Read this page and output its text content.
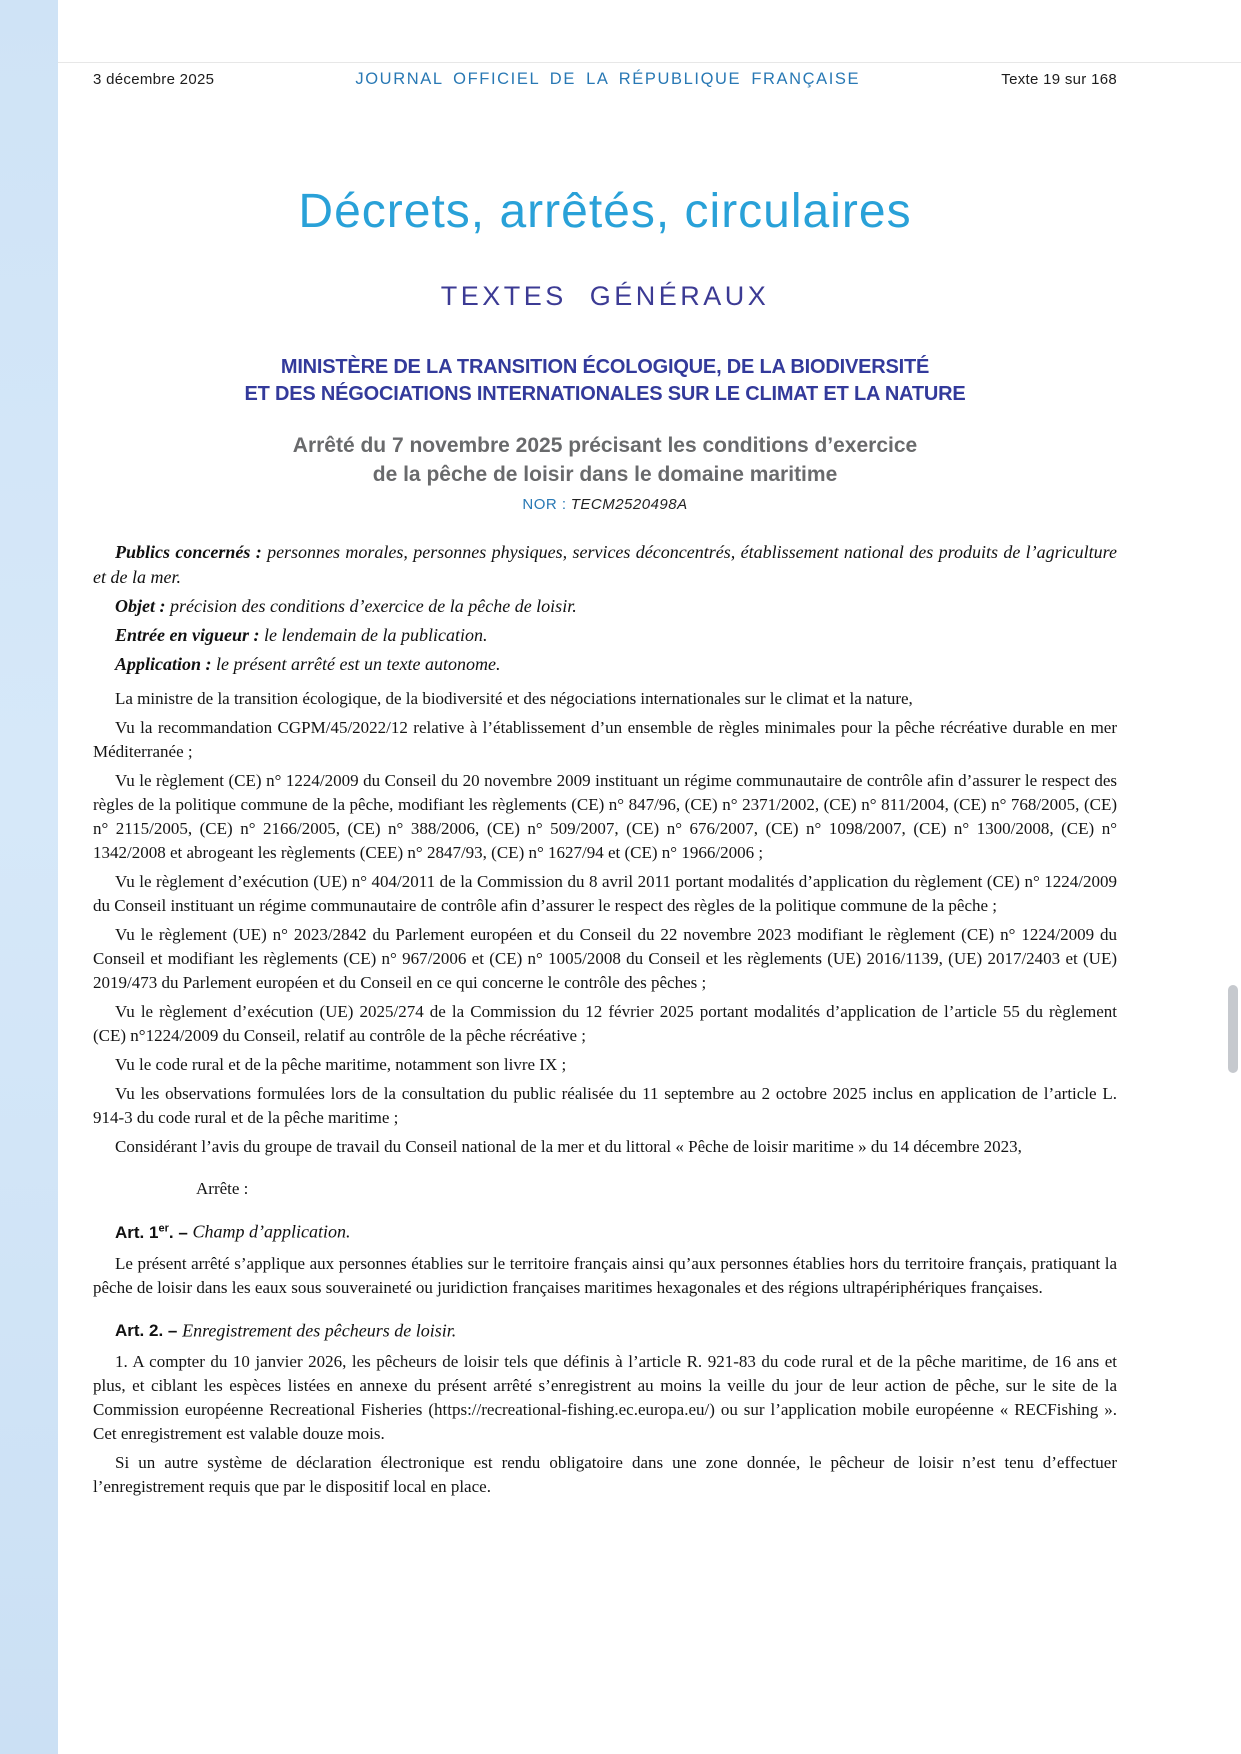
3 décembre 2025	JOURNAL OFFICIEL DE LA RÉPUBLIQUE FRANÇAISE	Texte 19 sur 168
Décrets, arrêtés, circulaires
TEXTES GÉNÉRAUX
MINISTÈRE DE LA TRANSITION ÉCOLOGIQUE, DE LA BIODIVERSITÉ
ET DES NÉGOCIATIONS INTERNATIONALES SUR LE CLIMAT ET LA NATURE
Arrêté du 7 novembre 2025 précisant les conditions d’exercice
de la pêche de loisir dans le domaine maritime
NOR : TECM2520498A

Publics concernés : personnes morales, personnes physiques, services déconcentrés, établissement national des produits de l’agriculture et de la mer.

Objet : précision des conditions d’exercice de la pêche de loisir.

Entrée en vigueur : le lendemain de la publication.

Application : le présent arrêté est un texte autonome.

La ministre de la transition écologique, de la biodiversité et des négociations internationales sur le climat et la nature,

Vu la recommandation CGPM/45/2022/12 relative à l’établissement d’un ensemble de règles minimales pour la pêche récréative durable en mer Méditerranée ;

Vu le règlement (CE) n° 1224/2009 du Conseil du 20 novembre 2009 instituant un régime communautaire de contrôle afin d’assurer le respect des règles de la politique commune de la pêche, modifiant les règlements (CE) n° 847/96, (CE) n° 2371/2002, (CE) n° 811/2004, (CE) n° 768/2005, (CE) n° 2115/2005, (CE) n° 2166/2005, (CE) n° 388/2006, (CE) n° 509/2007, (CE) n° 676/2007, (CE) n° 1098/2007, (CE) n° 1300/2008, (CE) n° 1342/2008 et abrogeant les règlements (CEE) n° 2847/93, (CE) n° 1627/94 et (CE) n° 1966/2006 ;

Vu le règlement d’exécution (UE) n° 404/2011 de la Commission du 8 avril 2011 portant modalités d’application du règlement (CE) n° 1224/2009 du Conseil instituant un régime communautaire de contrôle afin d’assurer le respect des règles de la politique commune de la pêche ;

Vu le règlement (UE) n° 2023/2842 du Parlement européen et du Conseil du 22 novembre 2023 modifiant le règlement (CE) n° 1224/2009 du Conseil et modifiant les règlements (CE) n° 967/2006 et (CE) n° 1005/2008 du Conseil et les règlements (UE) 2016/1139, (UE) 2017/2403 et (UE) 2019/473 du Parlement européen et du Conseil en ce qui concerne le contrôle des pêches ;

Vu le règlement d’exécution (UE) 2025/274 de la Commission du 12 février 2025 portant modalités d’application de l’article 55 du règlement (CE) n°1224/2009 du Conseil, relatif au contrôle de la pêche récréative ;

Vu le code rural et de la pêche maritime, notamment son livre IX ;

Vu les observations formulées lors de la consultation du public réalisée du 11 septembre au 2 octobre 2025 inclus en application de l’article L. 914-3 du code rural et de la pêche maritime ;

Considérant l’avis du groupe de travail du Conseil national de la mer et du littoral « Pêche de loisir maritime » du 14 décembre 2023,

Arrête :
Art. 1er. – Champ d’application.

Le présent arrêté s’applique aux personnes établies sur le territoire français ainsi qu’aux personnes établies hors du territoire français, pratiquant la pêche de loisir dans les eaux sous souveraineté ou juridiction françaises maritimes hexagonales et des régions ultrapériphériques françaises.

Art. 2. – Enregistrement des pêcheurs de loisir.

1. A compter du 10 janvier 2026, les pêcheurs de loisir tels que définis à l’article R. 921-83 du code rural et de la pêche maritime, de 16 ans et plus, et ciblant les espèces listées en annexe du présent arrêté s’enregistrent au moins la veille du jour de leur action de pêche, sur le site de la Commission européenne Recreational Fisheries (https://recreational-fishing.ec.europa.eu/) ou sur l’application mobile européenne « RECFishing ». Cet enregistrement est valable douze mois.

Si un autre système de déclaration électronique est rendu obligatoire dans une zone donnée, le pêcheur de loisir n’est tenu d’effectuer l’enregistrement requis que par le dispositif local en place.
